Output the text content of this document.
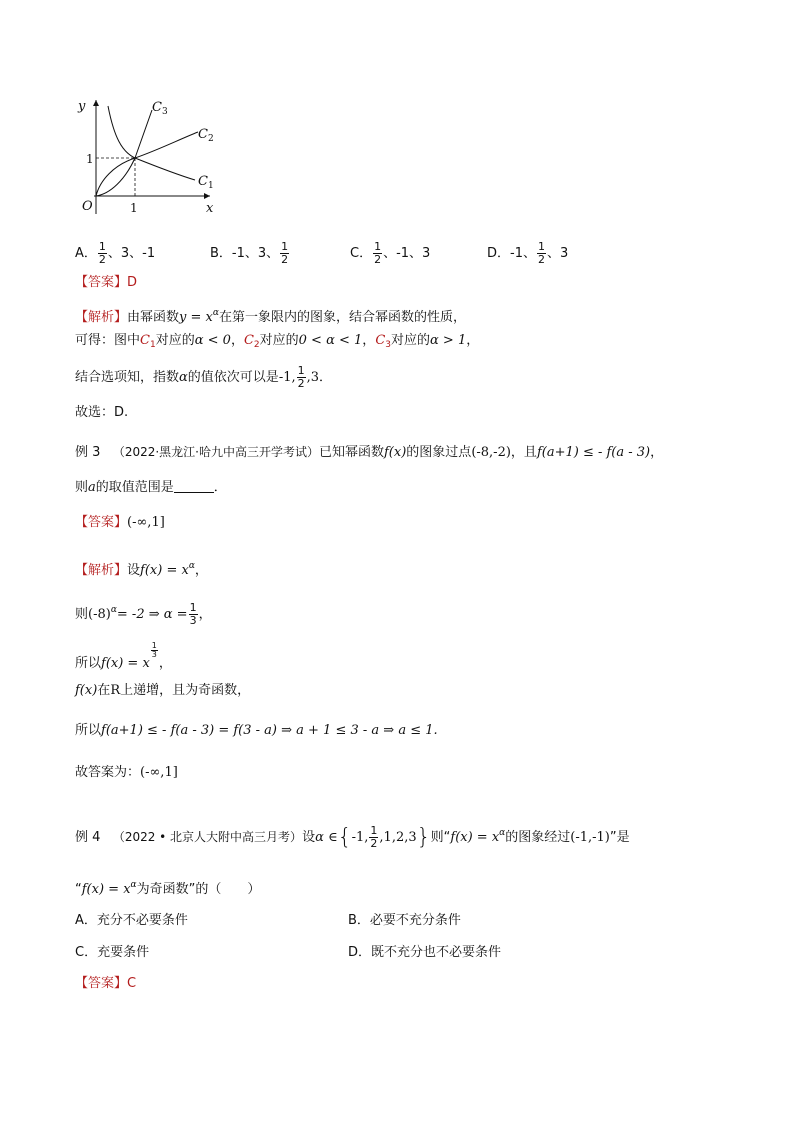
y
x
O	1
1
$C_3$
$C_2$
$C_1$
A． $\frac{1}{2}$ 、3、-1	B．-1、3、 $\frac{1}{2}$	C． $\frac{1}{2}$ 、-1、3	D．-1、 $\frac{1}{2}$ 、3
【答案】D
【解析】由幂函数$y = x^\alpha$在第一象限内的图象，结合幂函数的性质，
可得：图中$C_1$对应的α < 0，$C_2$对应的0 < α < 1，$C_3$对应的α > 1，
结合选项知，指数α的值依次可以是-1, $\frac{1}{2} ,3$．
故选：D.
例 3 （2022·黑龙江·哈九中高三开学考试）已知幂函数f(x)的图象过点(-8,-2)，且f(a+1) ≤ - f(a - 3)，
则a的取值范围是	．
【答案】(-∞,1]
【解析】设$f(x) = x^\alpha$，
则$(-8)^\alpha= -2$ ⇒ $\alpha = \frac{1}{3}$ ，
所以f(x) = x
$\frac{1}{3}$
，
f(x)在R上递增，且为奇函数，
所以f(a+1) ≤ - f(a - 3) = f(3 - a) ⇒ a + 1 ≤ 3 - a ⇒ a ≤ 1.
故答案为：(-∞,1]
例 4 （2022 • 北京人大附中高三月考）设α ∈{-1, $\frac{1}{2} ,1,2,3$}则“$f(x) = x^\alpha$的图象经过(-1,-1)”是
“$f(x) = x^\alpha$为奇函数”的（　　）
A．充分不必要条件	B．必要不充分条件
C．充要条件	D．既不充分也不必要条件
【答案】C
